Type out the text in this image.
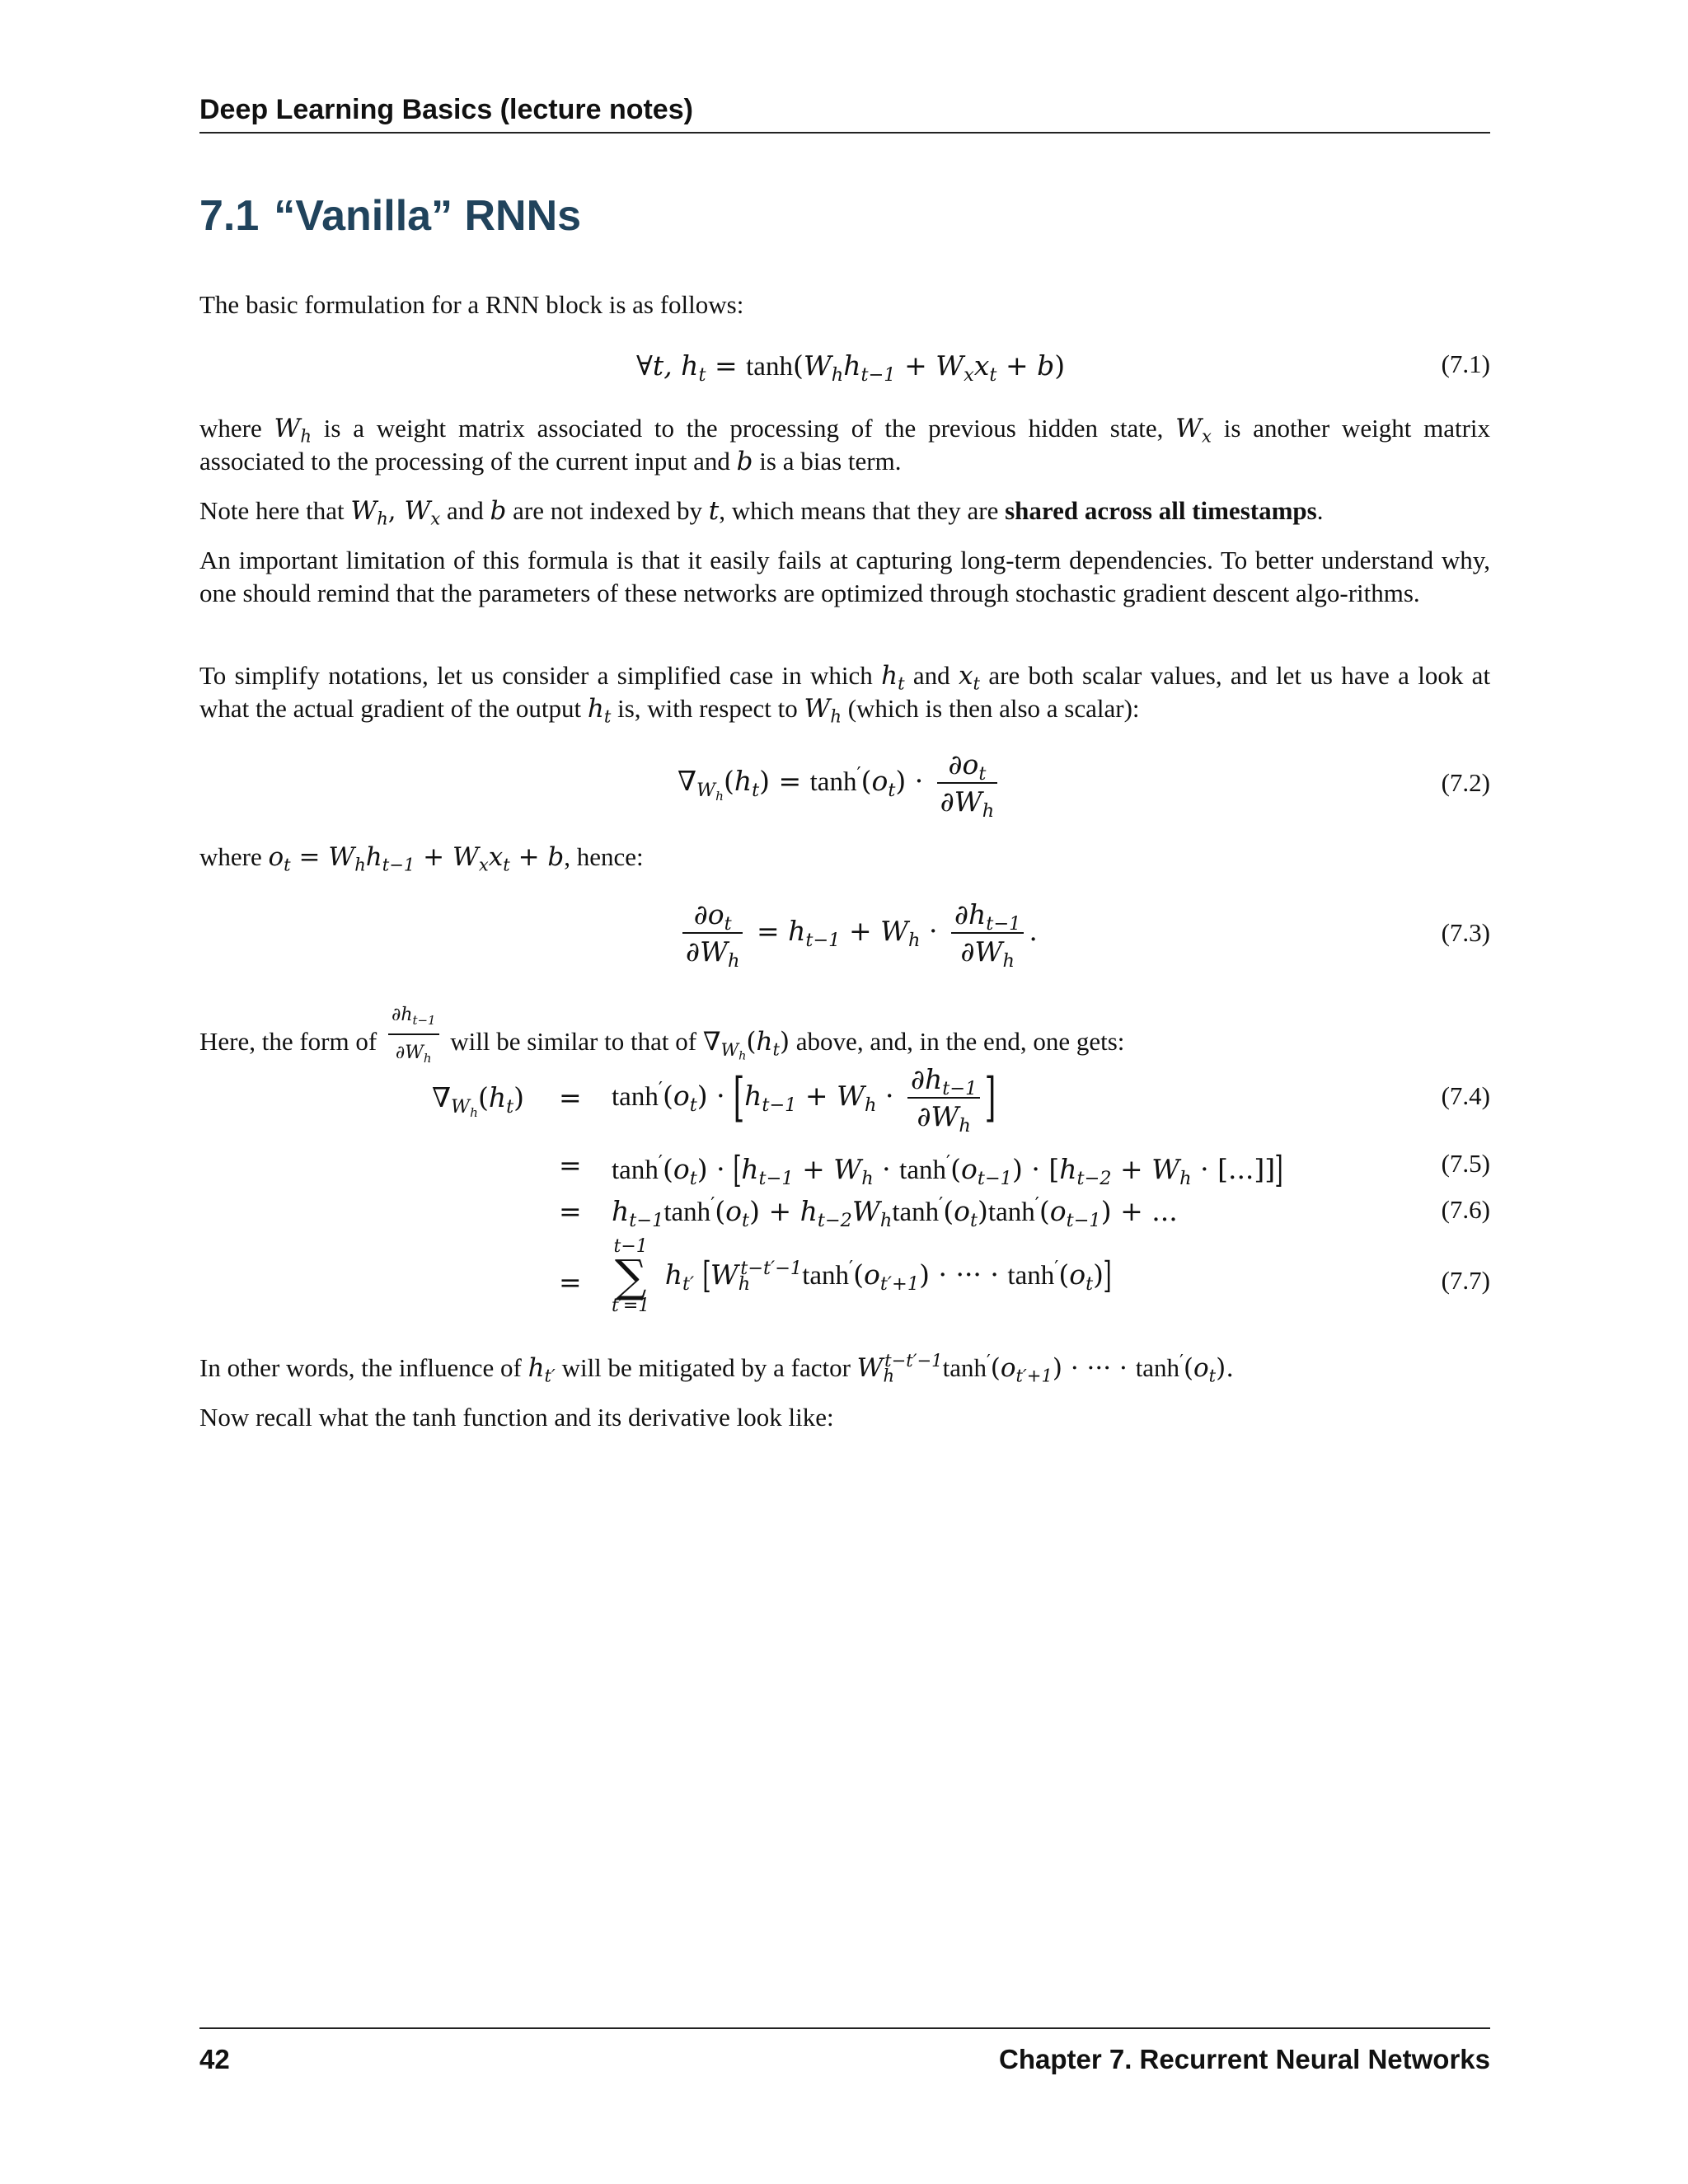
Deep Learning Basics (lecture notes)
7.1 “Vanilla” RNNs
The basic formulation for a RNN block is as follows:
∀t, $h_t = \tanh(W_hh_{t-1} + W_xx_t + b)$	(7.1)
where $W_h$ is a weight matrix associated to the processing of the previous hidden state, $W_x$ is another weight matrix associated to the processing of the current input and b is a bias term.
Note here that $W_h$, $W_x$ and b are not indexed by t, which means that they are shared across all timestamps.
An important limitation of this formula is that it easily fails at capturing long-term dependencies. To better understand why, one should remind that the parameters of these networks are optimized through stochastic gradient descent algo-rithms.
To simplify notations, let us consider a simplified case in which $h_t$ and $x_t$ are both scalar values, and let us have a look at what the actual gradient of the output $h_t$ is, with respect to $W_h$ (which is then also a scalar):
$\nabla_{W_h}(h_t) = \tanh'(o_t) \cdot \frac{\partial o_t}{\partial W_h}$	(7.2)
where $o_t = W_hh_{t-1} + W_xx_t + b$, hence:
$\frac{\partial o_t}{\partial W_h} = h_{t-1} + W_h \cdot \frac{\partial h_{t-1}}{\partial W_h}$ .	(7.3)
Here, the form of $\frac{\partial h_{t-1}}{\partial W_h}$ will be similar to that of $\nabla_{W_h}(h_t)$ above, and, in the end, one gets:
$\nabla_{W_h}(h_t) = \tanh'(o_t) \cdot [h_{t-1} + W_h \cdot \frac{\partial h_{t-1}}{\partial W_h}$ ]	(7.4)
= $\tanh'(o_t) \cdot [h_{t-1} + W_h \cdot \tanh'(o_{t-1}) \cdot [h_{t-2} + W_h$ · [...]]]	(7.5)
= $h_{t-1}\tanh'(o_t) + h_{t-2}W_h\tanh'(o_t)\tanh'(o_{t-1})$ + ...	(7.6)
=
t−1
∑
t′=1
$h_{t'}$ [$W_h^{t-t'-1}\tanh'(o_{t'+1})$ · ··· · $\tanh'(o_t)$]	(7.7)
In other words, the influence of $h_{t'}$ will be mitigated by a factor $W_h^{t-t'-1}\tanh'(o_{t'+1})$ · ··· · $\tanh'(o_t)$.
Now recall what the tanh function and its derivative look like:
42	Chapter 7. Recurrent Neural Networks
